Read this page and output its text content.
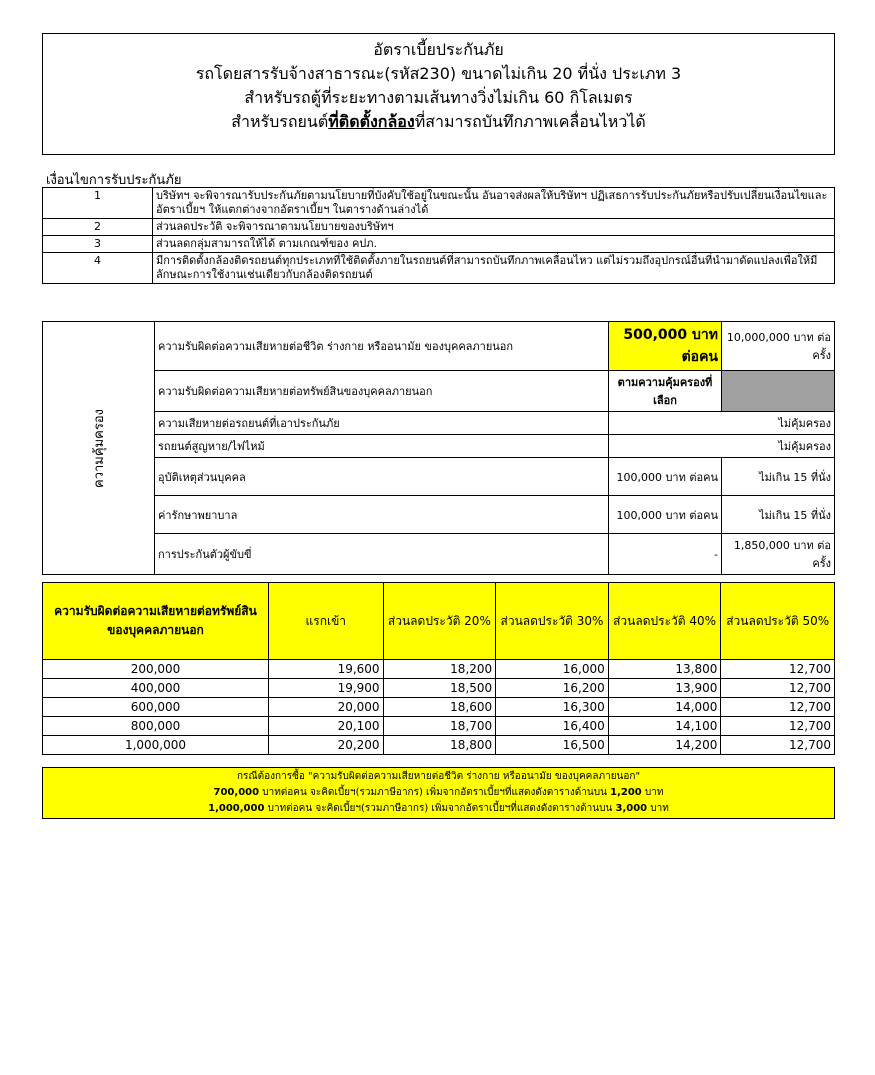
อัตราเบี้ยประกันภัย
รถโดยสารรับจ้างสาธารณะ(รหัส230) ขนาดไม่เกิน 20 ที่นั่ง ประเภท 3
สำหรับรถตู้ที่ระยะทางตามเส้นทางวิ่งไม่เกิน 60 กิโลเมตร
สำหรับรถยนต์ที่ติดตั้งกล้องที่สามารถบันทึกภาพเคลื่อนไหวได้
เงื่อนไขการรับประกันภัย
1	บริษัทฯ จะพิจารณารับประกันภัยตามนโยบายที่บังคับใช้อยู่ในขณะนั้น อันอาจส่งผลให้บริษัทฯ ปฏิเสธการรับประกันภัยหรือปรับเปลี่ยนเงื่อนไขและอัตราเบี้ยฯ ให้แตกต่างจากอัตราเบี้ยฯ ในตารางด้านล่างได้
2	ส่วนลดประวัติ จะพิจารณาตามนโยบายของบริษัทฯ
3	ส่วนลดกลุ่มสามารถให้ได้ ตามเกณฑ์ของ คปภ.
4	มีการติดตั้งกล้องติดรถยนต์ทุกประเภทที่ใช้ติดตั้งภายในรถยนต์ที่สามารถบันทึกภาพเคลื่อนไหว แต่ไม่รวมถึงอุปกรณ์อื่นที่นำมาดัดแปลงเพื่อให้มีลักษณะการใช้งานเช่นเดียวกับกล้องติดรถยนต์
ความคุ้มครอง	ความรับผิดต่อความเสียหายต่อชีวิต ร่างกาย หรืออนามัย ของบุคคลภายนอก	500,000 บาท ต่อคน	10,000,000 บาท ต่อครั้ง
	ความรับผิดต่อความเสียหายต่อทรัพย์สินของบุคคลภายนอก	ตามความคุ้มครองที่เลือก	
	ความเสียหายต่อรถยนต์ที่เอาประกันภัย	ไม่คุ้มครอง	
	รถยนต์สูญหาย/ไฟไหม้	ไม่คุ้มครอง	
	อุบัติเหตุส่วนบุคคล	100,000 บาท ต่อคน	ไม่เกิน 15 ที่นั่ง
	ค่ารักษาพยาบาล	100,000 บาท ต่อคน	ไม่เกิน 15 ที่นั่ง
	การประกันตัวผู้ขับขี่	-	1,850,000 บาท ต่อครั้ง
ความรับผิดต่อความเสียหายต่อทรัพย์สินของบุคคลภายนอก	แรกเข้า	ส่วนลดประวัติ 20%	ส่วนลดประวัติ 30%	ส่วนลดประวัติ 40%	ส่วนลดประวัติ 50%
200,000	19,600	18,200	16,000	13,800	12,700
400,000	19,900	18,500	16,200	13,900	12,700
600,000	20,000	18,600	16,300	14,000	12,700
800,000	20,100	18,700	16,400	14,100	12,700
1,000,000	20,200	18,800	16,500	14,200	12,700
กรณีต้องการซื้อ "ความรับผิดต่อความเสียหายต่อชีวิต ร่างกาย หรืออนามัย ของบุคคลภายนอก"
700,000 บาทต่อคน จะคิดเบี้ยฯ(รวมภาษีอากร) เพิ่มจากอัตราเบี้ยฯที่แสดงดังตารางด้านบน 1,200 บาท
1,000,000 บาทต่อคน จะคิดเบี้ยฯ(รวมภาษีอากร) เพิ่มจากอัตราเบี้ยฯที่แสดงดังตารางด้านบน 3,000 บาท
